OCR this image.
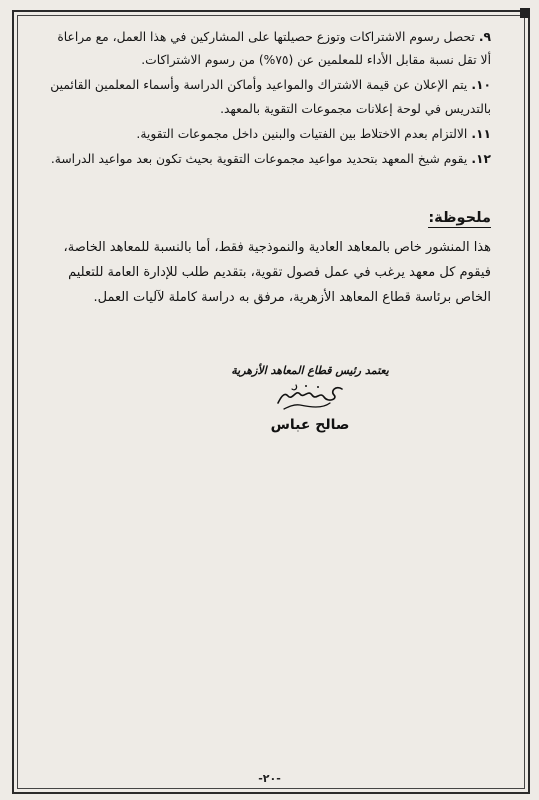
٩.تحصل رسوم الاشتراكات وتوزع حصيلتها على المشاركين في هذا العمل، مع مراعاة ألا تقل نسبة مقابل الأداء للمعلمين عن (٧٥%) من رسوم الاشتراكات.

١٠.يتم الإعلان عن قيمة الاشتراك والمواعيد وأماكن الدراسة وأسماء المعلمين القائمين بالتدريس في لوحة إعلانات مجموعات التقوية بالمعهد.

١١.الالتزام بعدم الاختلاط بين الفتيات والبنين داخل مجموعات التقوية.

١٢.يقوم شيخ المعهد بتحديد مواعيد مجموعات التقوية بحيث تكون بعد مواعيد الدراسة.

ملحوظة:

هذا المنشور خاص بالمعاهد العادية والنموذجية فقط، أما بالنسبة للمعاهد الخاصة، فيقوم كل معهد يرغب في عمل فصول تقوية، بتقديم طلب للإدارة العامة للتعليم الخاص برئاسة قطاع المعاهد الأزهرية، مرفق به دراسة كاملة لآليات العمل.

يعتمد رئيس قطاع المعاهد الأزهرية
صالح عباس
-٢٠-
